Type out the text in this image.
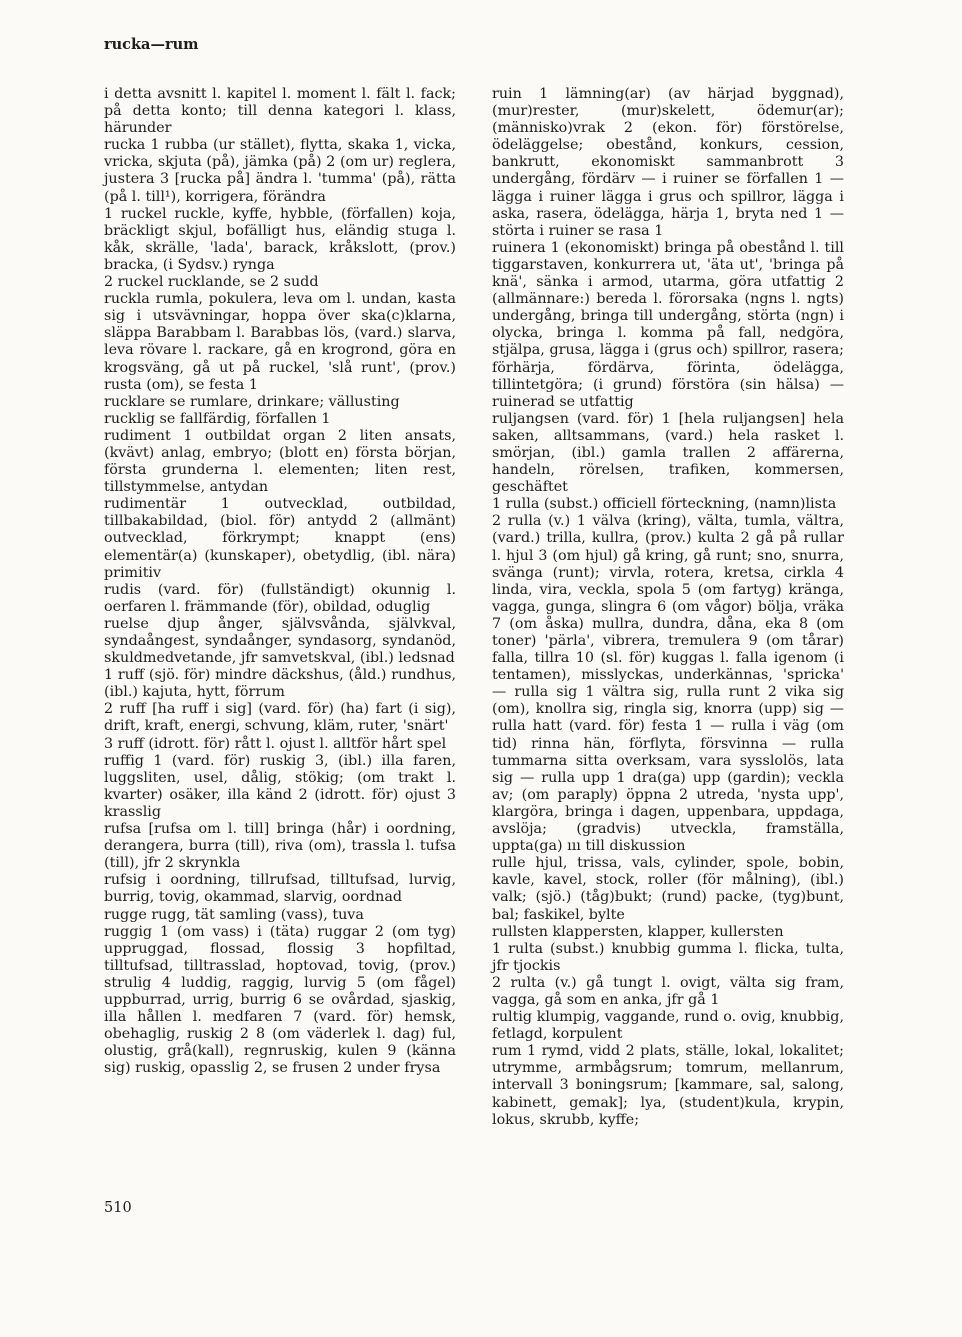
rucka—rum

i detta avsnitt l. kapitel l. moment l. fält l. fack; på detta konto; till denna kategori l. klass, härunder

rucka 1 rubba (ur stället), flytta, skaka 1, vicka, vricka, skjuta (på), jämka (på) 2 (om ur) reglera, justera 3 [rucka på] ändra l. 'tumma' (på), rätta (på l. till¹), korrigera, förändra

1 ruckel ruckle, kyffe, hybble, (förfallen) koja, bräckligt skjul, bofälligt hus, eländig stuga l. kåk, skrälle, 'lada', barack, kråkslott, (prov.) bracka, (i Sydsv.) rynga

2 ruckel rucklande, se 2 sudd

ruckla rumla, pokulera, leva om l. undan, kasta sig i utsvävningar, hoppa över ska(c)klarna, släppa Barabbam l. Barabbas lös, (vard.) slarva, leva rövare l. rackare, gå en krogrond, göra en krogsväng, gå ut på ruckel, 'slå runt', (prov.) rusta (om), se festa 1

rucklare se rumlare, drinkare; vällusting

rucklig se fallfärdig, förfallen 1

rudiment 1 outbildat organ 2 liten ansats, (kvävt) anlag, embryo; (blott en) första början, första grunderna l. elementen; liten rest, tillstymmelse, antydan

rudimentär 1 outvecklad, outbildad, tillbakabildad, (biol. för) antydd 2 (allmänt) outvecklad, förkrympt; knappt (ens) elementär(a) (kunskaper), obetydlig, (ibl. nära) primitiv

rudis (vard. för) (fullständigt) okunnig l. oerfaren l. främmande (för), obildad, oduglig

ruelse djup ånger, självsvånda, självkval, syndaångest, syndaånger, syndasorg, syndanöd, skuldmedvetande, jfr samvetskval, (ibl.) ledsnad

1 ruff (sjö. för) mindre däckshus, (åld.) rundhus, (ibl.) kajuta, hytt, förrum

2 ruff [ha ruff i sig] (vard. för) (ha) fart (i sig), drift, kraft, energi, schvung, kläm, ruter, 'snärt'

3 ruff (idrott. för) rått l. ojust l. alltför hårt spel

ruffig 1 (vard. för) ruskig 3, (ibl.) illa faren, luggsliten, usel, dålig, stökig; (om trakt l. kvarter) osäker, illa känd 2 (idrott. för) ojust 3 krasslig

rufsa [rufsa om l. till] bringa (hår) i oordning, derangera, burra (till), riva (om), trassla l. tufsa (till), jfr 2 skrynkla

rufsig i oordning, tillrufsad, tilltufsad, lurvig, burrig, tovig, okammad, slarvig, oordnad

rugge rugg, tät samling (vass), tuva

ruggig 1 (om vass) i (täta) ruggar 2 (om tyg) uppruggad, flossad, flossig 3 hopfiltad, tilltufsad, tilltrasslad, hoptovad, tovig, (prov.) strulig 4 luddig, raggig, lurvig 5 (om fågel) uppburrad, urrig, burrig 6 se ovårdad, sjaskig, illa hållen l. medfaren 7 (vard. för) hemsk, obehaglig, ruskig 2 8 (om väderlek l. dag) ful, olustig, grå(kall), regnruskig, kulen 9 (känna sig) ruskig, opasslig 2, se frusen 2 under frysa

ruin 1 lämning(ar) (av härjad byggnad), (mur)rester, (mur)skelett, ödemur(ar); (människo)vrak 2 (ekon. för) förstörelse, ödeläggelse; obestånd, konkurs, cession, bankrutt, ekonomiskt sammanbrott 3 undergång, fördärv — i ruiner se förfallen 1 — lägga i ruiner lägga i grus och spillror, lägga i aska, rasera, ödelägga, härja 1, bryta ned 1 — störta i ruiner se rasa 1

ruinera 1 (ekonomiskt) bringa på obestånd l. till tiggarstaven, konkurrera ut, 'äta ut', 'bringa på knä', sänka i armod, utarma, göra utfattig 2 (allmännare:) bereda l. förorsaka (ngns l. ngts) undergång, bringa till undergång, störta (ngn) i olycka, bringa l. komma på fall, nedgöra, stjälpa, grusa, lägga i (grus och) spillror, rasera; förhärja, fördärva, förinta, ödelägga, tillintetgöra; (i grund) förstöra (sin hälsa) — ruinerad se utfattig

ruljangsen (vard. för) 1 [hela ruljangsen] hela saken, alltsammans, (vard.) hela rasket l. smörjan, (ibl.) gamla trallen 2 affärerna, handeln, rörelsen, trafiken, kommersen, geschäftet

1 rulla (subst.) officiell förteckning, (namn)lista

2 rulla (v.) 1 välva (kring), välta, tumla, vältra, (vard.) trilla, kullra, (prov.) kulta 2 gå på rullar l. hjul 3 (om hjul) gå kring, gå runt; sno, snurra, svänga (runt); virvla, rotera, kretsa, cirkla 4 linda, vira, veckla, spola 5 (om fartyg) kränga, vagga, gunga, slingra 6 (om vågor) bölja, vräka 7 (om åska) mullra, dundra, dåna, eka 8 (om toner) 'pärla', vibrera, tremulera 9 (om tårar) falla, tillra 10 (sl. för) kuggas l. falla igenom (i tentamen), misslyckas, underkännas, 'spricka' — rulla sig 1 vältra sig, rulla runt 2 vika sig (om), knollra sig, ringla sig, knorra (upp) sig — rulla hatt (vard. för) festa 1 — rulla i väg (om tid) rinna hän, förflyta, försvinna — rulla tummarna sitta overksam, vara sysslolös, lata sig — rulla upp 1 dra(ga) upp (gardin); veckla av; (om paraply) öppna 2 utreda, 'nysta upp', klargöra, bringa i dagen, uppenbara, uppdaga, avslöja; (gradvis) utveckla, framställa, uppta(ga) ııı till diskussion

rulle hjul, trissa, vals, cylinder, spole, bobin, kavle, kavel, stock, roller (för målning), (ibl.) valk; (sjö.) (tåg)bukt; (rund) packe, (tyg)bunt, bal; faskikel, bylte

rullsten klappersten, klapper, kullersten

1 rulta (subst.) knubbig gumma l. flicka, tulta, jfr tjockis

2 rulta (v.) gå tungt l. ovigt, välta sig fram, vagga, gå som en anka, jfr gå 1

rultig klumpig, vaggande, rund o. ovig, knubbig, fetlagd, korpulent

rum 1 rymd, vidd 2 plats, ställe, lokal, lokalitet; utrymme, armbågsrum; tomrum, mellanrum, intervall 3 boningsrum; [kammare, sal, salong, kabinett, gemak]; lya, (student)kula, krypin, lokus, skrubb, kyffe;

510
